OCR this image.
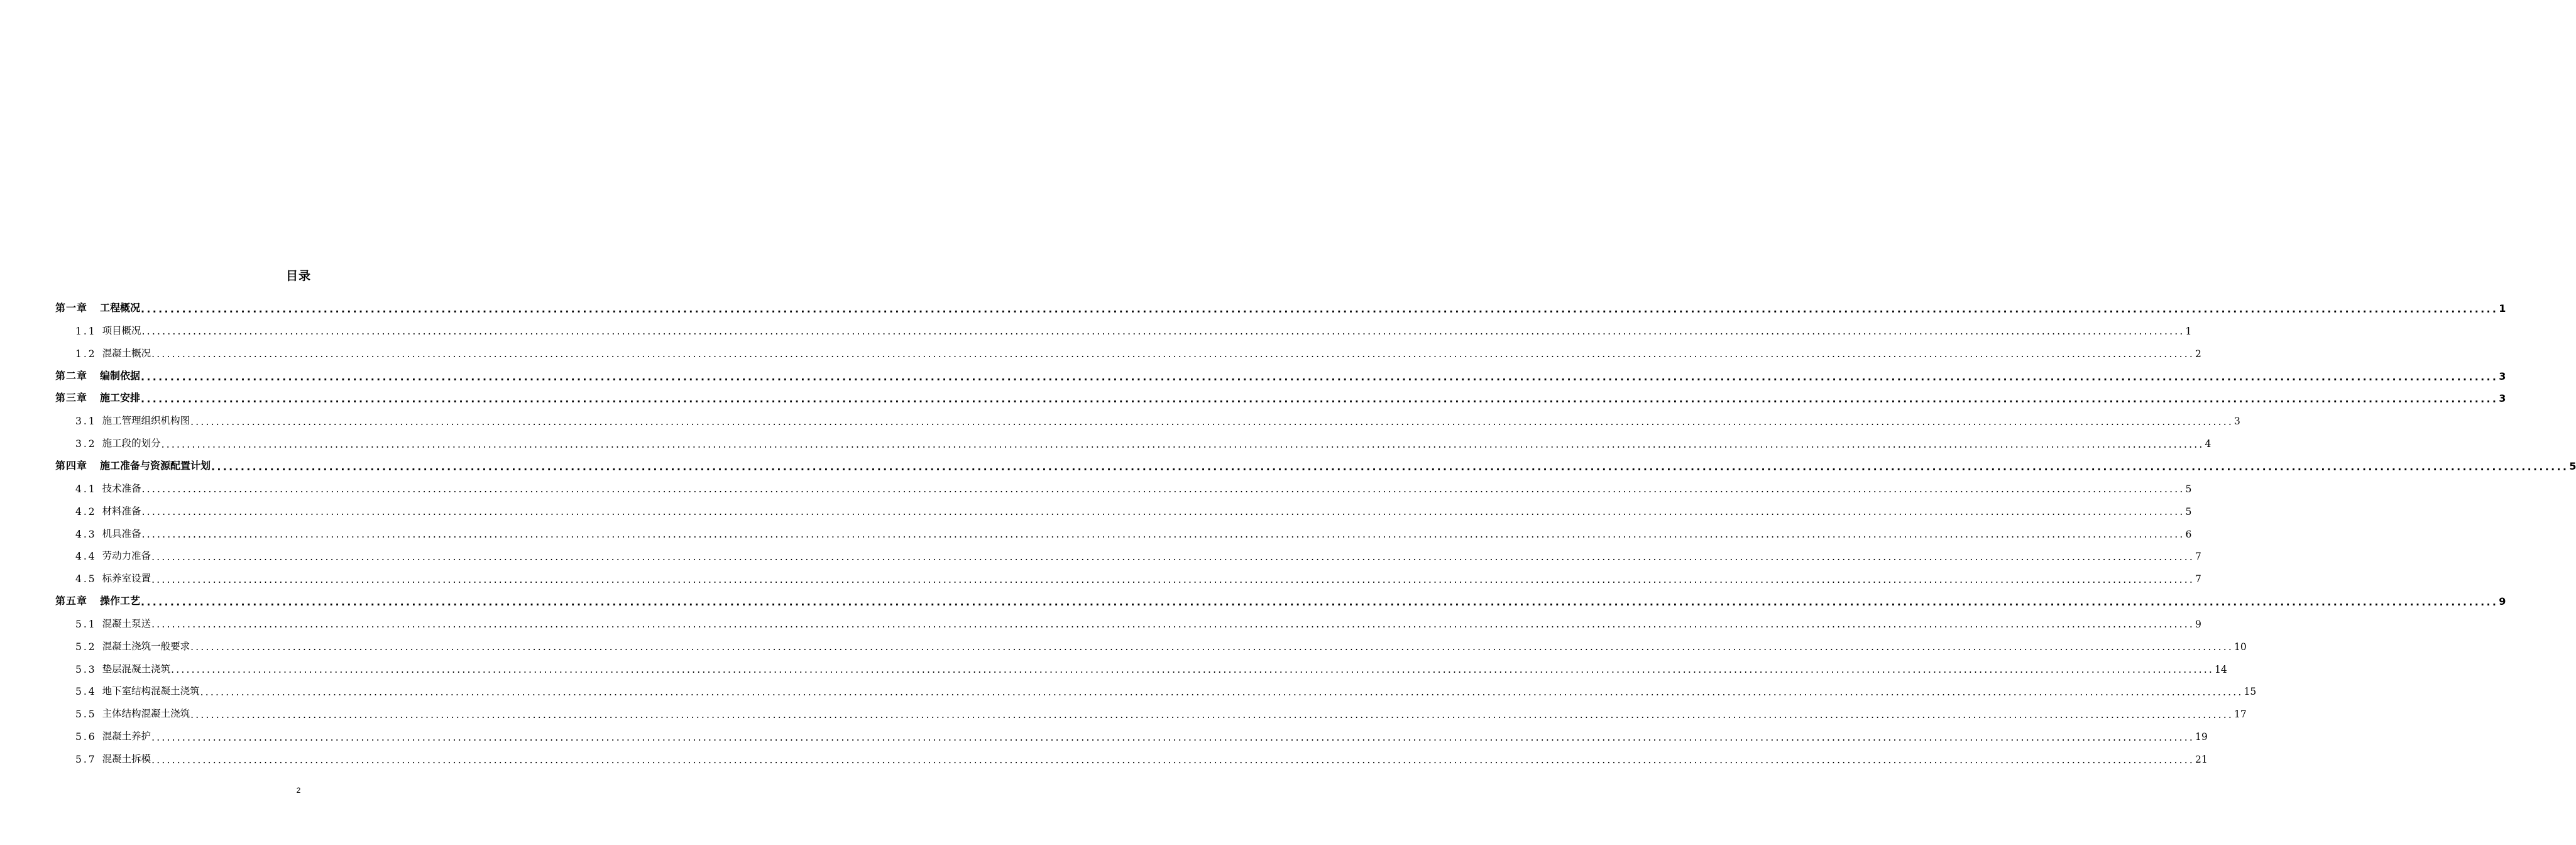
目录
第一章 工程概况 ................................................................................................................................................................................................................................................................................................................................................................................................................ 1
1.1 项目概况 ................................................................................................................................................................................................................................................................................................................................................................................................................ 1
1.2 混凝土概况 ................................................................................................................................................................................................................................................................................................................................................................................................................ 2
第二章 编制依据 ................................................................................................................................................................................................................................................................................................................................................................................................................ 3
第三章 施工安排 ................................................................................................................................................................................................................................................................................................................................................................................................................ 3
3.1 施工管理组织机构图 ................................................................................................................................................................................................................................................................................................................................................................................................................ 3
3.2 施工段的划分 ................................................................................................................................................................................................................................................................................................................................................................................................................ 4
第四章 施工准备与资源配置计划 ................................................................................................................................................................................................................................................................................................................................................................................................................ 5
4.1 技术准备 ................................................................................................................................................................................................................................................................................................................................................................................................................ 5
4.2 材料准备 ................................................................................................................................................................................................................................................................................................................................................................................................................ 5
4.3 机具准备 ................................................................................................................................................................................................................................................................................................................................................................................................................ 6
4.4 劳动力准备 ................................................................................................................................................................................................................................................................................................................................................................................................................ 7
4.5 标养室设置 ................................................................................................................................................................................................................................................................................................................................................................................................................ 7
第五章 操作工艺 ................................................................................................................................................................................................................................................................................................................................................................................................................ 9
5.1 混凝土泵送 ................................................................................................................................................................................................................................................................................................................................................................................................................ 9
5.2 混凝土浇筑一般要求 ................................................................................................................................................................................................................................................................................................................................................................................................................ 10
5.3 垫层混凝土浇筑 ................................................................................................................................................................................................................................................................................................................................................................................................................ 14
5.4 地下室结构混凝土浇筑 ................................................................................................................................................................................................................................................................................................................................................................................................................ 15
5.5 主体结构混凝土浇筑 ................................................................................................................................................................................................................................................................................................................................................................................................................ 17
5.6 混凝土养护 ................................................................................................................................................................................................................................................................................................................................................................................................................ 19
5.7 混凝土拆模 ................................................................................................................................................................................................................................................................................................................................................................................................................ 21
2
